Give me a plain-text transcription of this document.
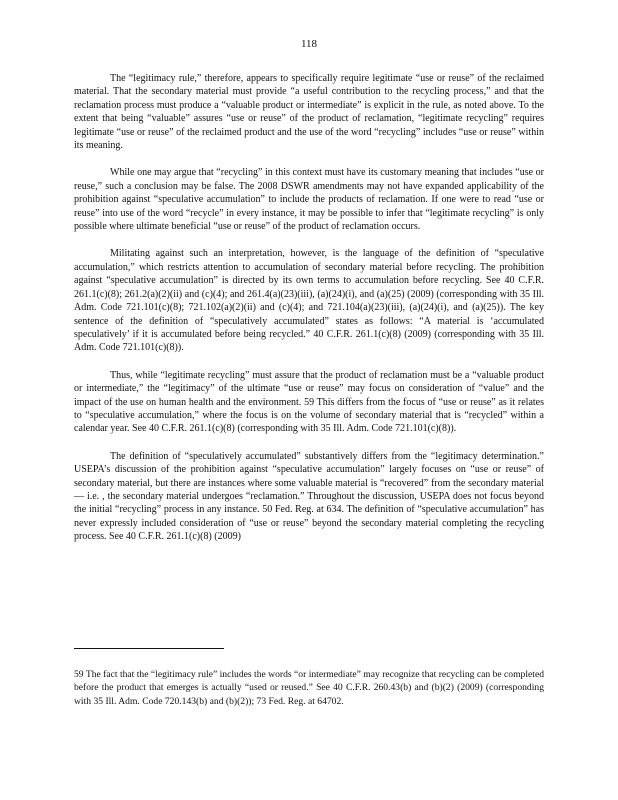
118

The “legitimacy rule,” therefore, appears to specifically require legitimate “use or reuse” of the reclaimed material. That the secondary material must provide “a useful contribution to the recycling process,” and that the reclamation process must produce a “valuable product or intermediate” is explicit in the rule, as noted above. To the extent that being “valuable” assures “use or reuse” of the product of reclamation, “legitimate recycling” requires legitimate “use or reuse” of the reclaimed product and the use of the word “recycling” includes “use or reuse” within its meaning.

While one may argue that “recycling” in this context must have its customary meaning that includes “use or reuse,” such a conclusion may be false. The 2008 DSWR amendments may not have expanded applicability of the prohibition against “speculative accumulation” to include the products of reclamation. If one were to read “use or reuse” into use of the word “recycle” in every instance, it may be possible to infer that “legitimate recycling” is only possible where ultimate beneficial “use or reuse” of the product of reclamation occurs.

Militating against such an interpretation, however, is the language of the definition of “speculative accumulation,” which restricts attention to accumulation of secondary material before recycling. The prohibition against “speculative accumulation” is directed by its own terms to accumulation before recycling. See 40 C.F.R. 261.1(c)(8); 261.2(a)(2)(ii) and (c)(4); and 261.4(a)(23)(iii), (a)(24)(i), and (a)(25) (2009) (corresponding with 35 Ill. Adm. Code 721.101(c)(8); 721.102(a)(2)(ii) and (c)(4); and 721.104(a)(23)(iii), (a)(24)(i), and (a)(25)). The key sentence of the definition of “speculatively accumulated” states as follows: “A material is ‘accumulated speculatively’ if it is accumulated before being recycled.” 40 C.F.R. 261.1(c)(8) (2009) (corresponding with 35 Ill. Adm. Code 721.101(c)(8)).

Thus, while “legitimate recycling” must assure that the product of reclamation must be a “valuable product or intermediate,” the “legitimacy” of the ultimate “use or reuse” may focus on consideration of “value” and the impact of the use on human health and the environment. 59 This differs from the focus of “use or reuse” as it relates to “speculative accumulation,” where the focus is on the volume of secondary material that is “recycled” within a calendar year. See 40 C.F.R. 261.1(c)(8) (corresponding with 35 Ill. Adm. Code 721.101(c)(8)).

The definition of “speculatively accumulated” substantively differs from the “legitimacy determination.” USEPA’s discussion of the prohibition against “speculative accumulation” largely focuses on “use or reuse” of secondary material, but there are instances where some valuable material is “recovered” from the secondary material— i.e. , the secondary material undergoes “reclamation.” Throughout the discussion, USEPA does not focus beyond the initial “recycling” process in any instance. 50 Fed. Reg. at 634. The definition of “speculative accumulation” has never expressly included consideration of “use or reuse” beyond the secondary material completing the recycling process. See 40 C.F.R. 261.1(c)(8) (2009)

59 The fact that the “legitimacy rule” includes the words “or intermediate” may recognize that recycling can be completed before the product that emerges is actually “used or reused.” See 40 C.F.R. 260.43(b) and (b)(2) (2009) (corresponding with 35 Ill. Adm. Code 720.143(b) and (b)(2)); 73 Fed. Reg. at 64702.
